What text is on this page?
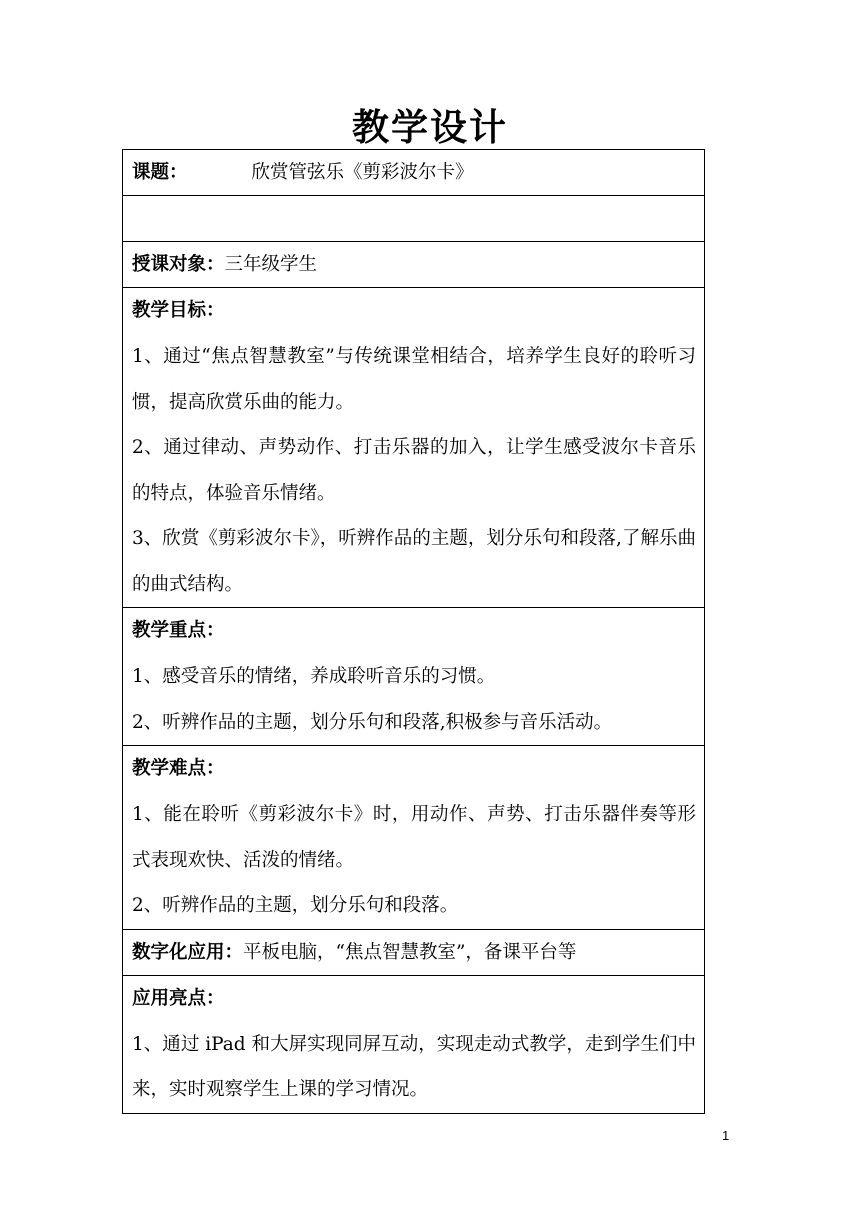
教学设计
课题：	欣赏管弦乐《剪彩波尔卡》

授课对象：三年级学生

教学目标：
1、通过“焦点智慧教室”与传统课堂相结合，培养学生良好的聆听习惯，提高欣赏乐曲的能力。
2、通过律动、声势动作、打击乐器的加入，让学生感受波尔卡音乐的特点，体验音乐情绪。
3、欣赏《剪彩波尔卡》，听辨作品的主题，划分乐句和段落,了解乐曲的曲式结构。

教学重点：
1、感受音乐的情绪，养成聆听音乐的习惯。
2、听辨作品的主题，划分乐句和段落,积极参与音乐活动。

教学难点：
1、能在聆听《剪彩波尔卡》时，用动作、声势、打击乐器伴奏等形式表现欢快、活泼的情绪。
2、听辨作品的主题，划分乐句和段落。

数字化应用：平板电脑，“焦点智慧教室”，备课平台等

应用亮点：
1、通过 iPad 和大屏实现同屏互动，实现走动式教学，走到学生们中来，实时观察学生上课的学习情况。
1
